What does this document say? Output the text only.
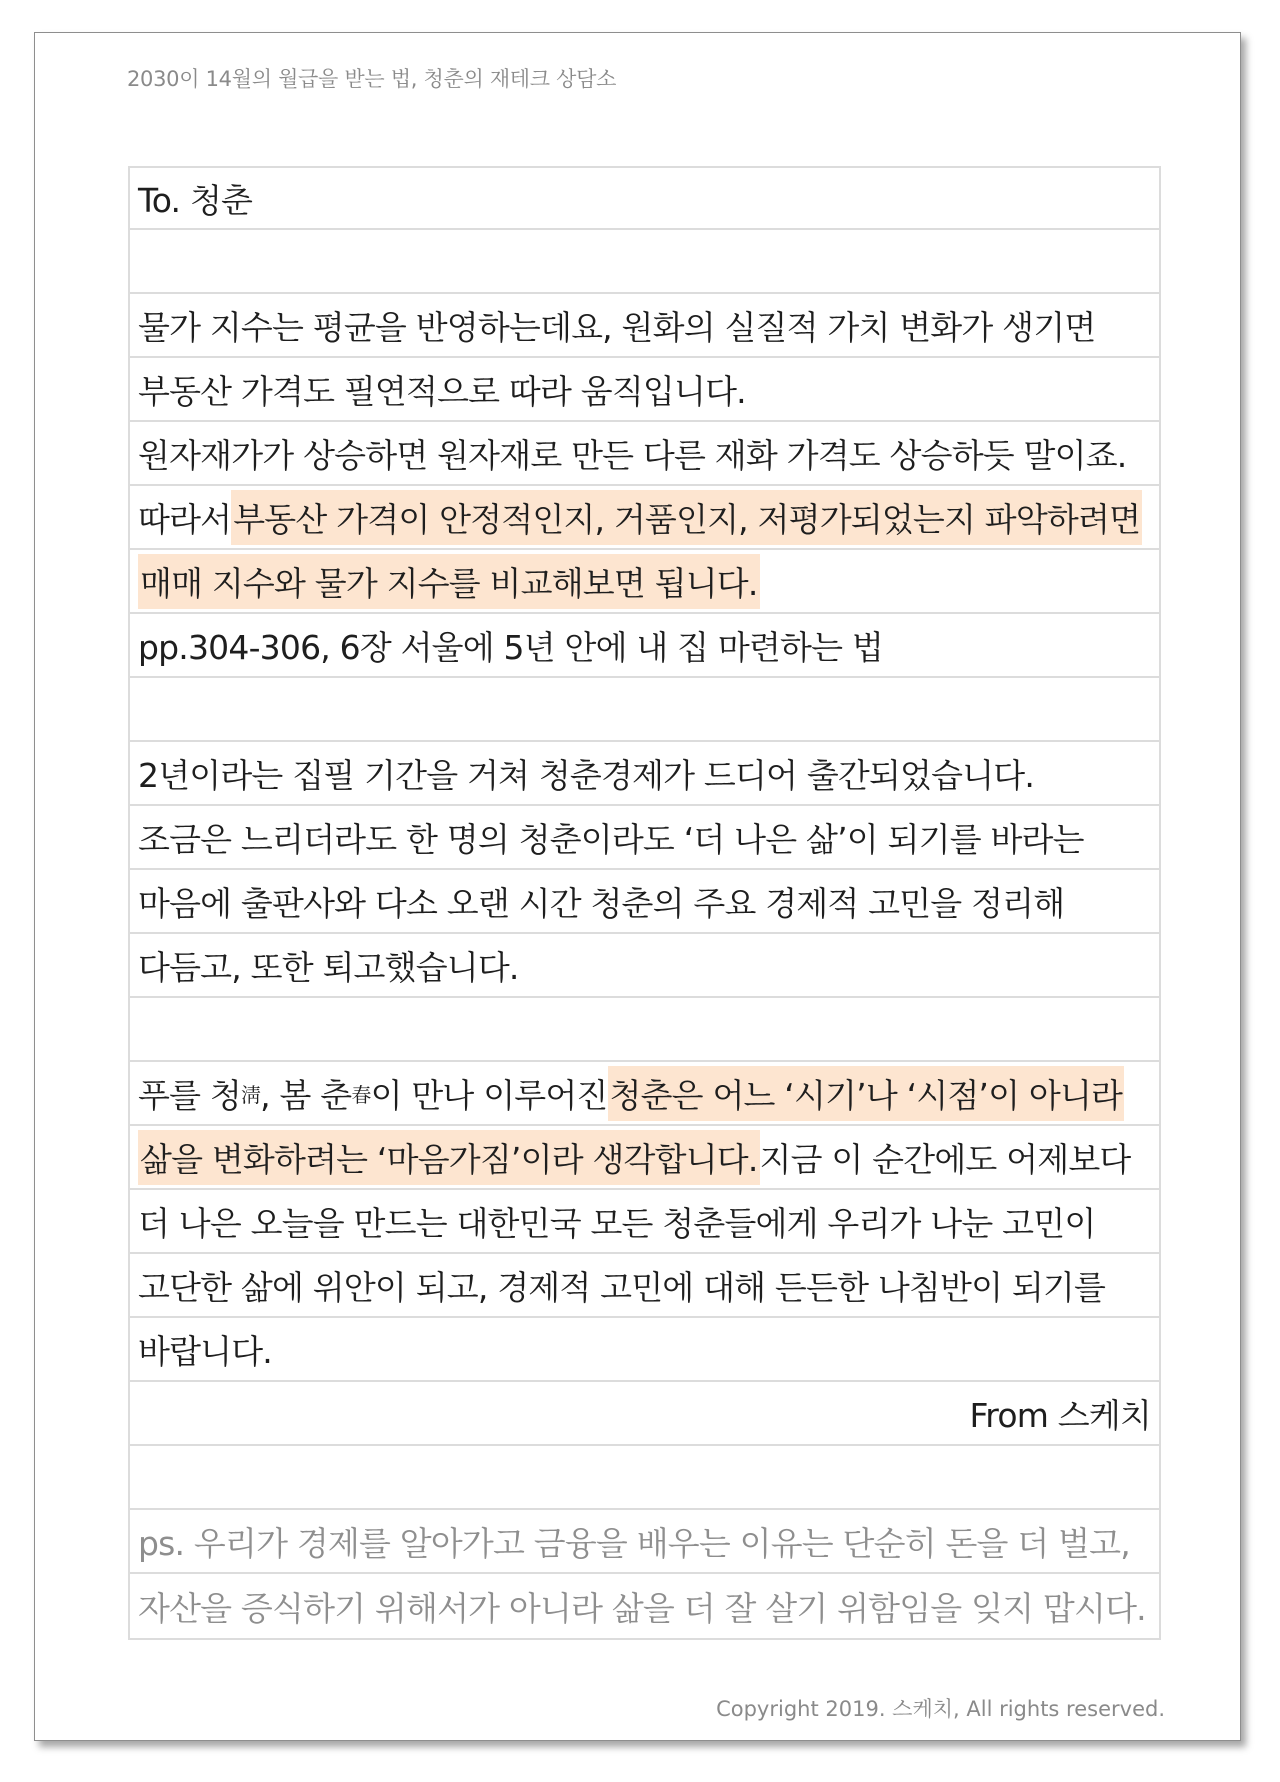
2030이 14월의 월급을 받는 법, 청춘의 재테크 상담소
To. 청춘
물가 지수는 평균을 반영하는데요, 원화의 실질적 가치 변화가 생기면
부동산 가격도 필연적으로 따라 움직입니다.
원자재가가 상승하면 원자재로 만든 다른 재화 가격도 상승하듯 말이죠.
따라서 부동산 가격이 안정적인지, 거품인지, 저평가되었는지 파악하려면
매매 지수와 물가 지수를 비교해보면 됩니다.
pp.304-306, 6장 서울에 5년 안에 내 집 마련하는 법
2년이라는 집필 기간을 거쳐 청춘경제가 드디어 출간되었습니다.
조금은 느리더라도 한 명의 청춘이라도 ‘더 나은 삶’이 되기를 바라는
마음에 출판사와 다소 오랜 시간 청춘의 주요 경제적 고민을 정리해
다듬고, 또한 퇴고했습니다.
푸를 청 淸 , 봄 춘 春 이 만나 이루어진 청춘은 어느 ‘시기’나 ‘시점’이 아니라
삶을 변화하려는 ‘마음가짐’이라 생각합니다. 지금 이 순간에도 어제보다
더 나은 오늘을 만드는 대한민국 모든 청춘들에게 우리가 나눈 고민이
고단한 삶에 위안이 되고, 경제적 고민에 대해 든든한 나침반이 되기를
바랍니다.
From 스케치
ps. 우리가 경제를 알아가고 금융을 배우는 이유는 단순히 돈을 더 벌고,
자산을 증식하기 위해서가 아니라 삶을 더 잘 살기 위함임을 잊지 맙시다.
Copyright 2019. 스케치, All rights reserved.
